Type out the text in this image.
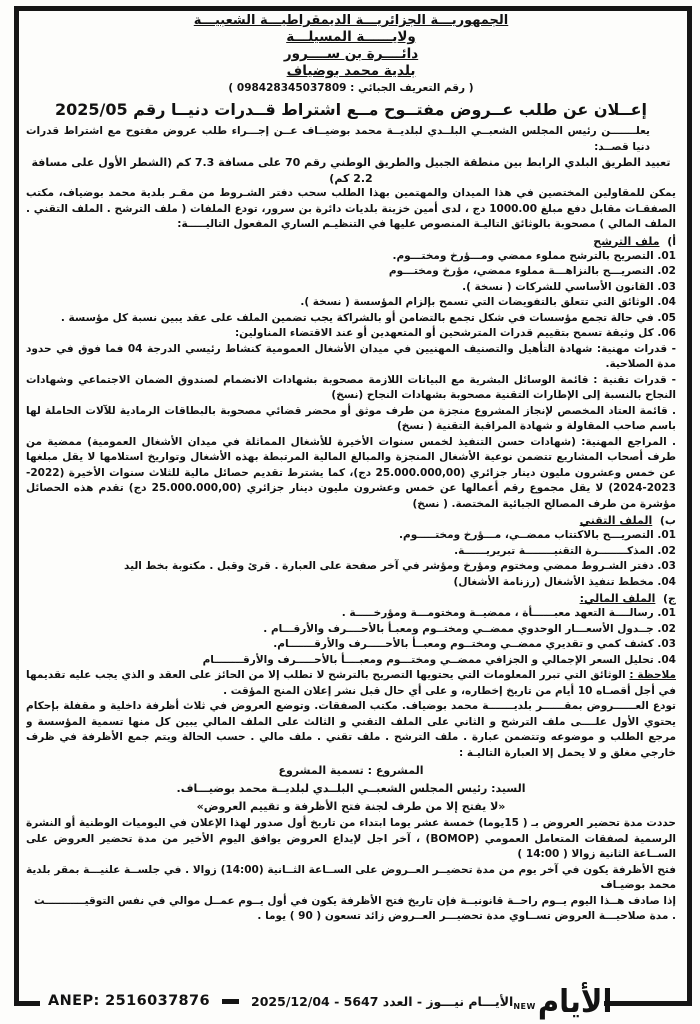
الجمهوريـــة الجزائريـــة الديمقراطيـــة الشعبيـــة
ولايــــــة المسيلـــة
دائــــرة بن ســــرور
بلدية محمد بوضياف
( رقم التعريف الجبائي : 098428345037809 )
إعــلان عن طلب عــروض مفتــوح مــع اشتراط قــدرات دنيــا رقم 2025/05

يعلـــــــن رئيس المجلس الشعبــي البلــدي لبلديــة محمد بوضيــاف عــن إجـــراء طلب عروض مفتوح مع اشتراط قدرات دنيا قصــد:

تعبيد الطريق البلدي الرابط بين منطقة الجبيل والطريق الوطني رقم 70 على مسافة 7.3 كم (الشطر الأول على مسافة 2.2 كم)

يمكن للمقاولين المختصين في هذا الميدان والمهتمين بهذا الطلب سحب دفتر الشـروط من مقـر بلدية محمد بوضياف، مكتب الصفقـات مقابل دفع مبلغ 1000.00 دج ، لدى أمين خزينة بلديات دائرة بن سرور، تودع الملفات ( ملف الترشح . الملف التقني . الملف المالي ) مصحوبة بالوثائق التاليـة المنصوص عليها في التنظيـم الساري المفعول التاليـــــة:

أ)  ملف الترشح

01. التصريح بالترشح مملوء ممضي ومـــؤرخ ومختـــوم.

02. التصريـــح بالنزاهـــة مملوء ممضي، مؤرخ ومختـــوم

03. القانون الأساسي للشركات ( نسخة ).

04. الوثائق التي تتعلق بالتفويضات التي تسمح بإلزام المؤسسة ( نسخة ).

05. في حالة تجمع مؤسسات في شكل تجمع بالتضامن أو بالشراكة يجب تضمين الملف على عقد يبين نسبة كل مؤسسة .

06. كل وثيقة تسمح بتقييم قدرات المترشحين أو المتعهدين أو عند الاقتضاء المناولين:

- قدرات مهنية: شهادة التأهيل والتصنيف المهنيين في ميدان الأشغال العمومية كنشاط رئيسي الدرجة 04 فما فوق في حدود مدة الصلاحية.

- قدرات تقنية : قائمة الوسائل البشرية مع البيانات اللازمة مصحوبة بشهادات الانضمام لصندوق الضمان الاجتماعي وشهادات النجاح بالنسبة إلى الإطارات التقنية مصحوبة بشهادات النجاح (نسخ)

. قائمة العتاد المخصص لإنجاز المشروع منجزة من طرف موثق أو محضر قضائي مصحوبة بالبطاقات الرمادية للآلات الحاملة لها باسم صاحب المقاولة و شهادة المراقبة التقنية ( نسخ)

. المراجع المهنية: (شهادات حسن التنفيذ لخمس سنوات الأخيرة للأشغال المماثلة في ميدان الأشغال العمومية) ممضية من طرف أصحاب المشاريع تتضمن نوعية الأشغال المنجزة والمبالغ المالية المرتبطة بهذه الأشغال وتواريخ استلامها لا يقل مبلغها عن خمس وعشرون مليون دينار جزائري (25.000.000,00 دج)، كما يشترط تقديم حصائل مالية للثلاث سنوات الأخيرة (2022-2023-2024) لا يقل مجموع رقم أعمالها عن خمس وعشرون مليون دينار جزائري (25.000.000,00 دج) تقدم هذه الحصائل مؤشرة من طرف المصالح الجبائية المختصة. ( نسخ)

ب)  الملف التقني

01. التصريـــح بالاكتتاب ممضــي، مـــؤرخ ومختـــــوم.

02. المذكــــــــرة التقنيــــــــة تبريريــــــة.

03. دفتر الشـروط ممضي ومختوم ومؤرخ ومؤشر في آخر صفحة على العبارة . قرئ وقبل . مكتوبة بخط اليد

04. مخطط تنفيذ الأشغال (رزنامة الأشغال)

ج)  الملف المالي:

01. رسالــــة التعهد معبــــــأة ، ممضيــة ومختومـــة ومؤرخـــــة .

02. جــدول الأسعـــار الوحدوي ممضــي ومختــوم ومعبـأ بالأحــــرف والأرقـــام .

03. كشف كمي و تقديري ممضــي ومختــوم ومعبــأ بالأحـــــرف والأرقـــــــام.

04. تحليل السعر الإجمالي و الجزافي ممضــي ومختـــوم ومعبــــأ بالأحـــــرف والأرقــــــــام

ملاحظة : الوثائق التي تبرر المعلومات التي يحتويها التصريح بالترشح لا تطلب إلا من الحائز على العقد و الذي يجب عليه تقديمها في أجل أقصـاه 10 أيام من تاريخ إخطاره، و على أي حال قبل نشر إعلان المنح المؤقت .

تودع العــــــروض بمقــــــر بلديـــــــة محمد بوضياف. مكتب الصفقات. وتوضع العروض في ثلاث أظرفة داخلية و مقفلة بإحكام يحتوي الأول علــــى ملف الترشح و الثاني على الملف التقني و الثالث على الملف المالي يبين كل منها تسمية المؤسسة و مرجع الطلب و موضوعه وتتضمن عبارة . ملف الترشح . ملف تقني . ملف مالي . حسب الحالة ويتم جمع الأظرفة في ظرف خارجي مغلق و لا يحمل إلا العبارة التاليـة :

المشروع : تسمية المشروع
السيد: رئيس المجلس الشعبــي البلــدي لبلديــة محمد بوضيـــاف.
«لا يفتح إلا من طرف لجنة فتح الأظرفة و تقييم العروض»

حددت مدة تحضير العروض بـ ( 15يوما) خمسة عشر يوما ابتداء من تاريخ أول صدور لهذا الإعلان في اليوميات الوطنية أو النشرة الرسمية لصفقات المتعامل العمومي (BOMOP) ، آخر اجل لإيداع العروض يوافق اليوم الأخير من مدة تحضير العروض على الســاعة الثانية زوالا ( 14:00 )

فتح الأظرفة يكون في آخر يوم من مدة تحضيــر العــروض على الســاعة الثــانية (14:00) زوالا . في جلســة علنيـــة بمقر بلدية محمد بوضيـاف

إذا صادف هــذا اليوم يــوم راحــة قانونيــة فإن تاريخ فتح الأظرفة يكون في أول يــوم عمــل موالي في نفس التوقيـــــــــــت

. مدة صلاحيـــة العروض تســاوي مدة تحضيـــر العــروض زائد تسعون ( 90 ) يوما .

ANEP: 2516037876	الأيـــام نيـــوز - العدد 5647 - 2025/12/04 NEW الأيام
